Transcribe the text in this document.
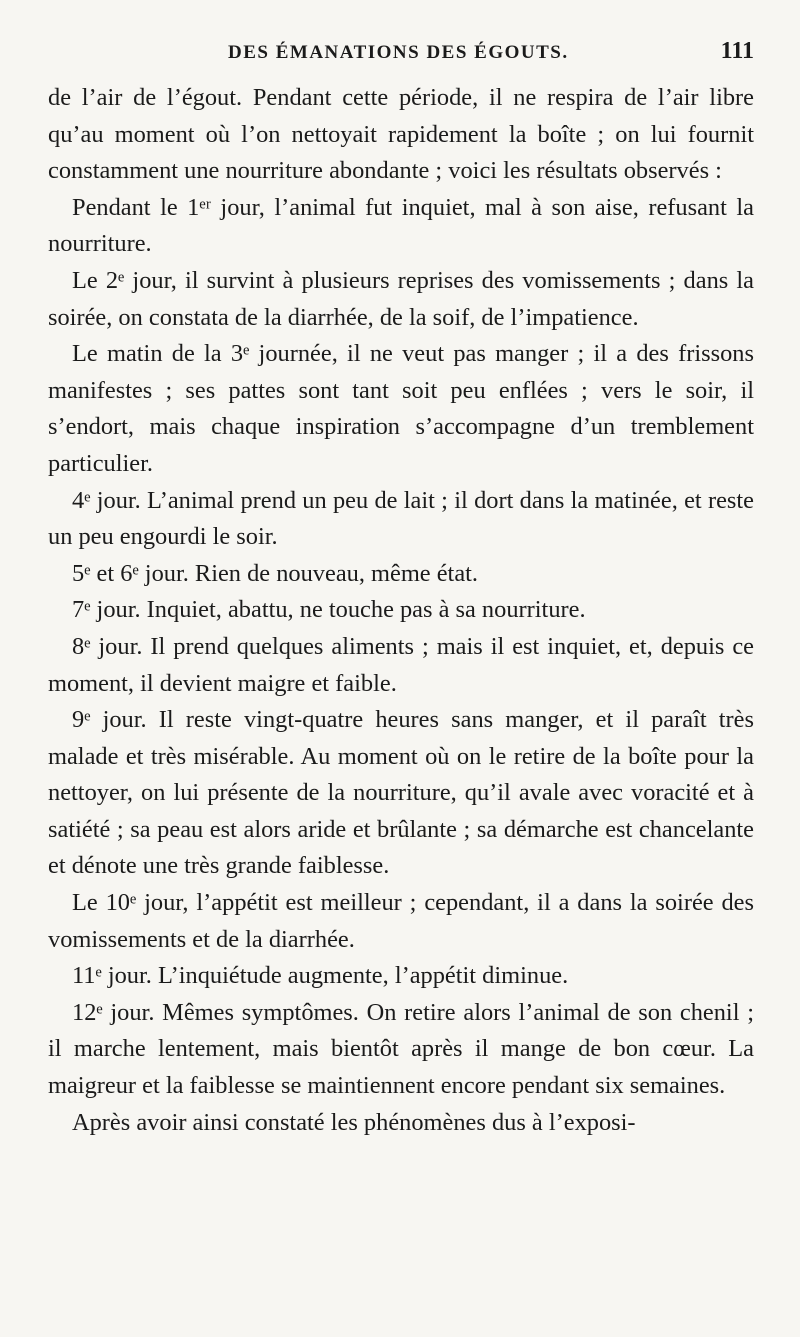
DES ÉMANATIONS DES ÉGOUTS.	111

de l’air de l’égout. Pendant cette période, il ne respira de l’air libre qu’au moment où l’on nettoyait rapidement la boîte ; on lui fournit constamment une nourriture abondante ; voici les résultats observés :

Pendant le 1ᵉʳ jour, l’animal fut inquiet, mal à son aise, refusant la nourriture.

Le 2ᵉ jour, il survint à plusieurs reprises des vomissements ; dans la soirée, on constata de la diarrhée, de la soif, de l’impatience.

Le matin de la 3ᵉ journée, il ne veut pas manger ; il a des frissons manifestes ; ses pattes sont tant soit peu enflées ; vers le soir, il s’endort, mais chaque inspiration s’accompagne d’un tremblement particulier.

4ᵉ jour. L’animal prend un peu de lait ; il dort dans la matinée, et reste un peu engourdi le soir.

5ᵉ et 6ᵉ jour. Rien de nouveau, même état.

7ᵉ jour. Inquiet, abattu, ne touche pas à sa nourriture.

8ᵉ jour. Il prend quelques aliments ; mais il est inquiet, et, depuis ce moment, il devient maigre et faible.

9ᵉ jour. Il reste vingt-quatre heures sans manger, et il paraît très malade et très misérable. Au moment où on le retire de la boîte pour la nettoyer, on lui présente de la nourriture, qu’il avale avec voracité et à satiété ; sa peau est alors aride et brûlante ; sa démarche est chancelante et dénote une très grande faiblesse.

Le 10ᵉ jour, l’appétit est meilleur ; cependant, il a dans la soirée des vomissements et de la diarrhée.

11ᵉ jour. L’inquiétude augmente, l’appétit diminue.

12ᵉ jour. Mêmes symptômes. On retire alors l’animal de son chenil ; il marche lentement, mais bientôt après il mange de bon cœur. La maigreur et la faiblesse se maintiennent encore pendant six semaines.

Après avoir ainsi constaté les phénomènes dus à l’exposi-
